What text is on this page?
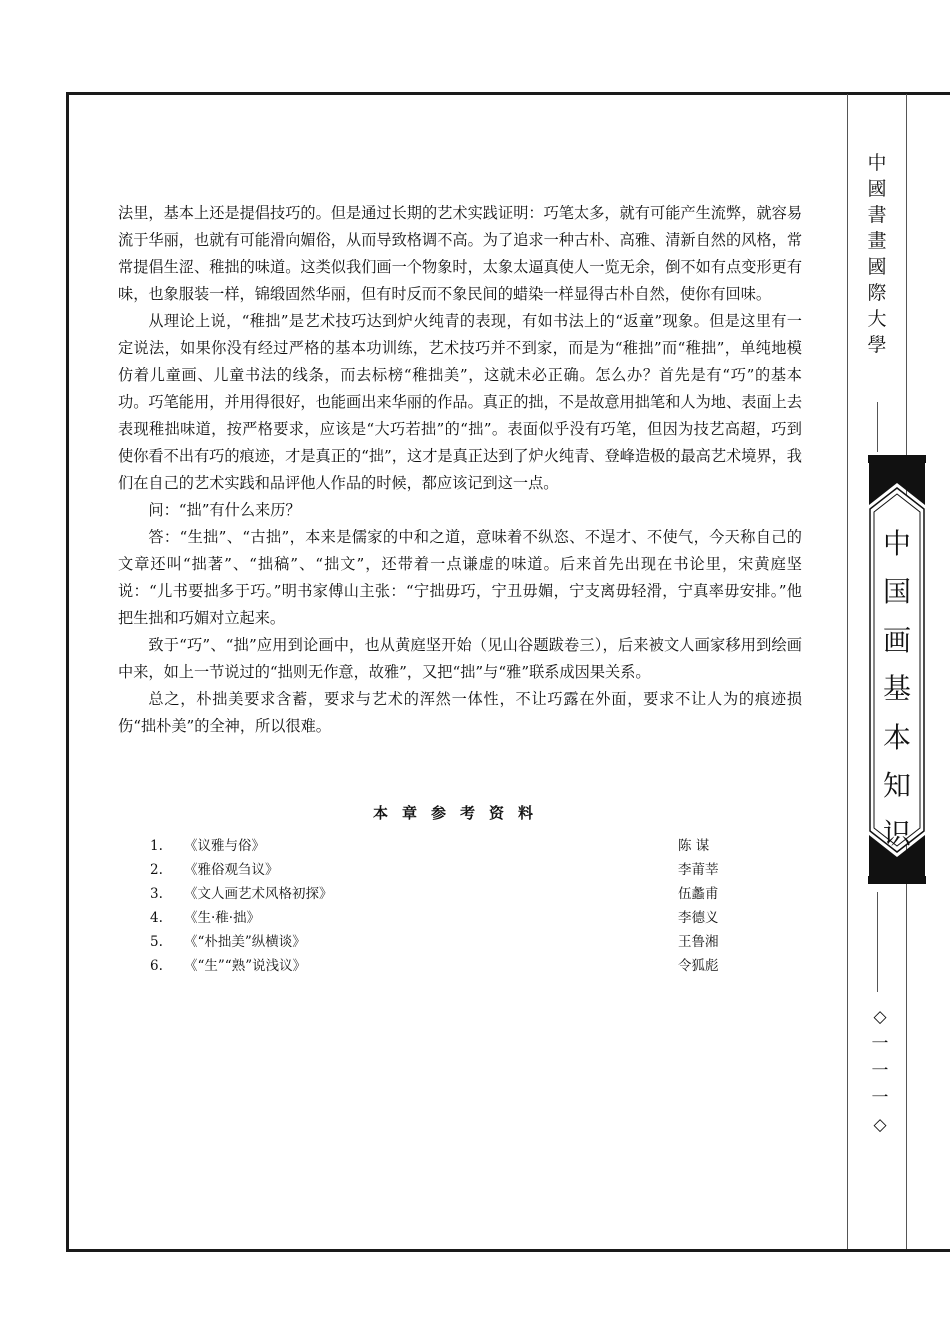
法里，基本上还是提倡技巧的。但是通过长期的艺术实践证明：巧笔太多，就有可能产生流弊，就容易流于华丽，也就有可能滑向媚俗，从而导致格调不高。为了追求一种古朴、高雅、清新自然的风格，常常提倡生涩、稚拙的味道。这类似我们画一个物象时，太象太逼真使人一览无余，倒不如有点变形更有味，也象服装一样，锦缎固然华丽，但有时反而不象民间的蜡染一样显得古朴自然，使你有回味。

从理论上说，“稚拙”是艺术技巧达到炉火纯青的表现，有如书法上的“返童”现象。但是这里有一定说法，如果你没有经过严格的基本功训练，艺术技巧并不到家，而是为“稚拙”而“稚拙”，单纯地模仿着儿童画、儿童书法的线条，而去标榜“稚拙美”，这就未必正确。怎么办？首先是有“巧”的基本功。巧笔能用，并用得很好，也能画出来华丽的作品。真正的拙，不是故意用拙笔和人为地、表面上去表现稚拙味道，按严格要求，应该是“大巧若拙”的“拙”。表面似乎没有巧笔，但因为技艺高超，巧到使你看不出有巧的痕迹，才是真正的“拙”，这才是真正达到了炉火纯青、登峰造极的最高艺术境界，我们在自己的艺术实践和品评他人作品的时候，都应该记到这一点。

问：“拙”有什么来历？

答：“生拙”、“古拙”，本来是儒家的中和之道，意味着不纵恣、不逞才、不使气，今天称自己的文章还叫“拙著”、“拙稿”、“拙文”，还带着一点谦虚的味道。后来首先出现在书论里，宋黄庭坚说：“儿书要拙多于巧。”明书家傅山主张：“宁拙毋巧，宁丑毋媚，宁支离毋轻滑，宁真率毋安排。”他把生拙和巧媚对立起来。

致于“巧”、“拙”应用到论画中，也从黄庭坚开始（见山谷题跋卷三），后来被文人画家移用到绘画中来，如上一节说过的“拙则无作意，故雅”，又把“拙”与“雅”联系成因果关系。

总之，朴拙美要求含蓄，要求与艺术的浑然一体性，不让巧露在外面，要求不让人为的痕迹损伤“拙朴美”的全神，所以很难。

本章参考资料
1. 《议雅与俗》	陈 谋
2. 《雅俗观刍议》	李莆莘
3. 《文人画艺术风格初探》	伍蠡甫
4. 《生·稚·拙》	李德义
5. 《“朴拙美”纵横谈》	王鲁湘
6. 《“生”“熟”说浅议》	令狐彪
中
國
書
畫
國
際
大
學
中
国
画
基
本
知
识
◇
一
一
一
◇
